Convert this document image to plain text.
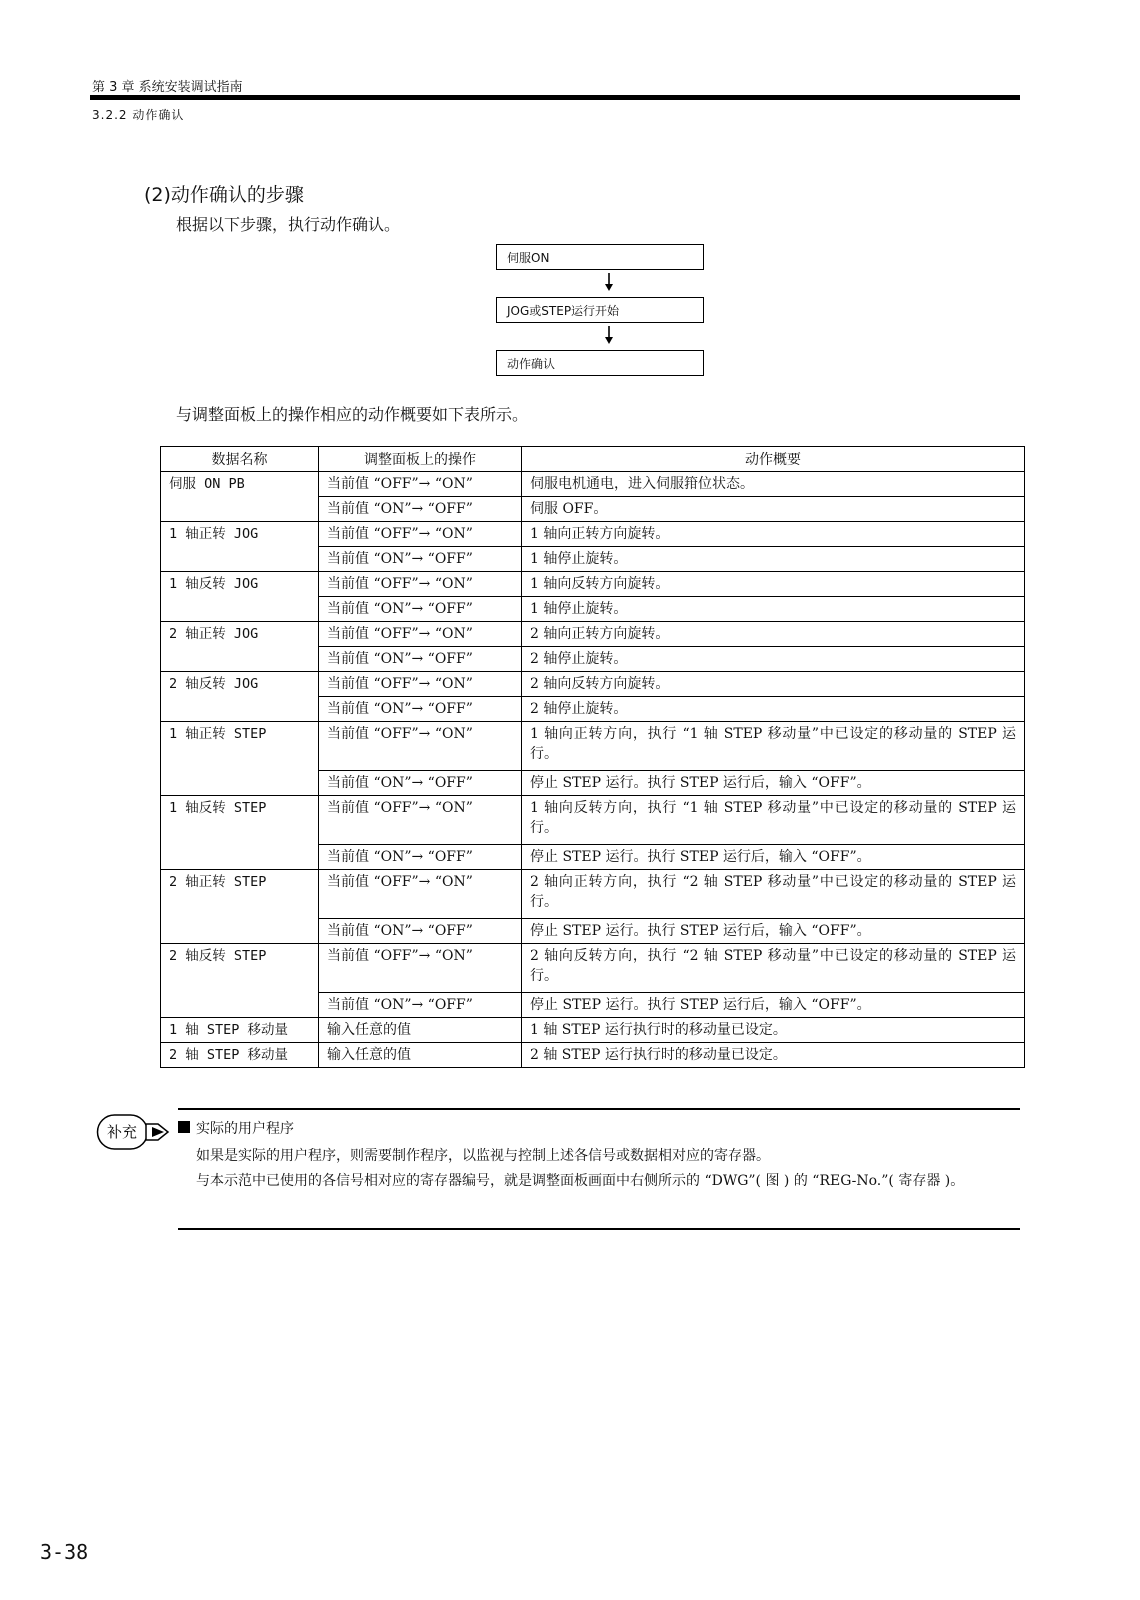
第 3 章 系统安装调试指南
3.2.2 动作确认
(2)动作确认的步骤
根据以下步骤，执行动作确认。
伺服ON
JOG或STEP运行开始
动作确认
与调整面板上的操作相应的动作概要如下表所示。
数据名称	调整面板上的操作	动作概要
伺服 ON PB	当前值 “OFF”→ “ON”	伺服电机通电，进入伺服箝位状态。
	当前值 “ON”→ “OFF”	伺服 OFF。
1 轴正转 JOG	当前值 “OFF”→ “ON”	1 轴向正转方向旋转。
	当前值 “ON”→ “OFF”	1 轴停止旋转。
1 轴反转 JOG	当前值 “OFF”→ “ON”	1 轴向反转方向旋转。
	当前值 “ON”→ “OFF”	1 轴停止旋转。
2 轴正转 JOG	当前值 “OFF”→ “ON”	2 轴向正转方向旋转。
	当前值 “ON”→ “OFF”	2 轴停止旋转。
2 轴反转 JOG	当前值 “OFF”→ “ON”	2 轴向反转方向旋转。
	当前值 “ON”→ “OFF”	2 轴停止旋转。
1 轴正转 STEP	当前值 “OFF”→ “ON”	1 轴向正转方向，执行 “1 轴 STEP 移动量”中已设定的移动量的 STEP 运行。
	当前值 “ON”→ “OFF”	停止 STEP 运行。执行 STEP 运行后，输入 “OFF”。
1 轴反转 STEP	当前值 “OFF”→ “ON”	1 轴向反转方向，执行 “1 轴 STEP 移动量”中已设定的移动量的 STEP 运行。
	当前值 “ON”→ “OFF”	停止 STEP 运行。执行 STEP 运行后，输入 “OFF”。
2 轴正转 STEP	当前值 “OFF”→ “ON”	2 轴向正转方向，执行 “2 轴 STEP 移动量”中已设定的移动量的 STEP 运行。
	当前值 “ON”→ “OFF”	停止 STEP 运行。执行 STEP 运行后，输入 “OFF”。
2 轴反转 STEP	当前值 “OFF”→ “ON”	2 轴向反转方向，执行 “2 轴 STEP 移动量”中已设定的移动量的 STEP 运行。
	当前值 “ON”→ “OFF”	停止 STEP 运行。执行 STEP 运行后，输入 “OFF”。
1 轴 STEP 移动量	输入任意的值	1 轴 STEP 运行执行时的移动量已设定。
2 轴 STEP 移动量	输入任意的值	2 轴 STEP 运行执行时的移动量已设定。
补充	实际的用户程序

如果是实际的用户程序，则需要制作程序，以监视与控制上述各信号或数据相对应的寄存器。

与本示范中已使用的各信号相对应的寄存器编号，就是调整面板画面中右侧所示的 “DWG”( 图 ) 的 “REG-No.”( 寄存器 )。

3-38
